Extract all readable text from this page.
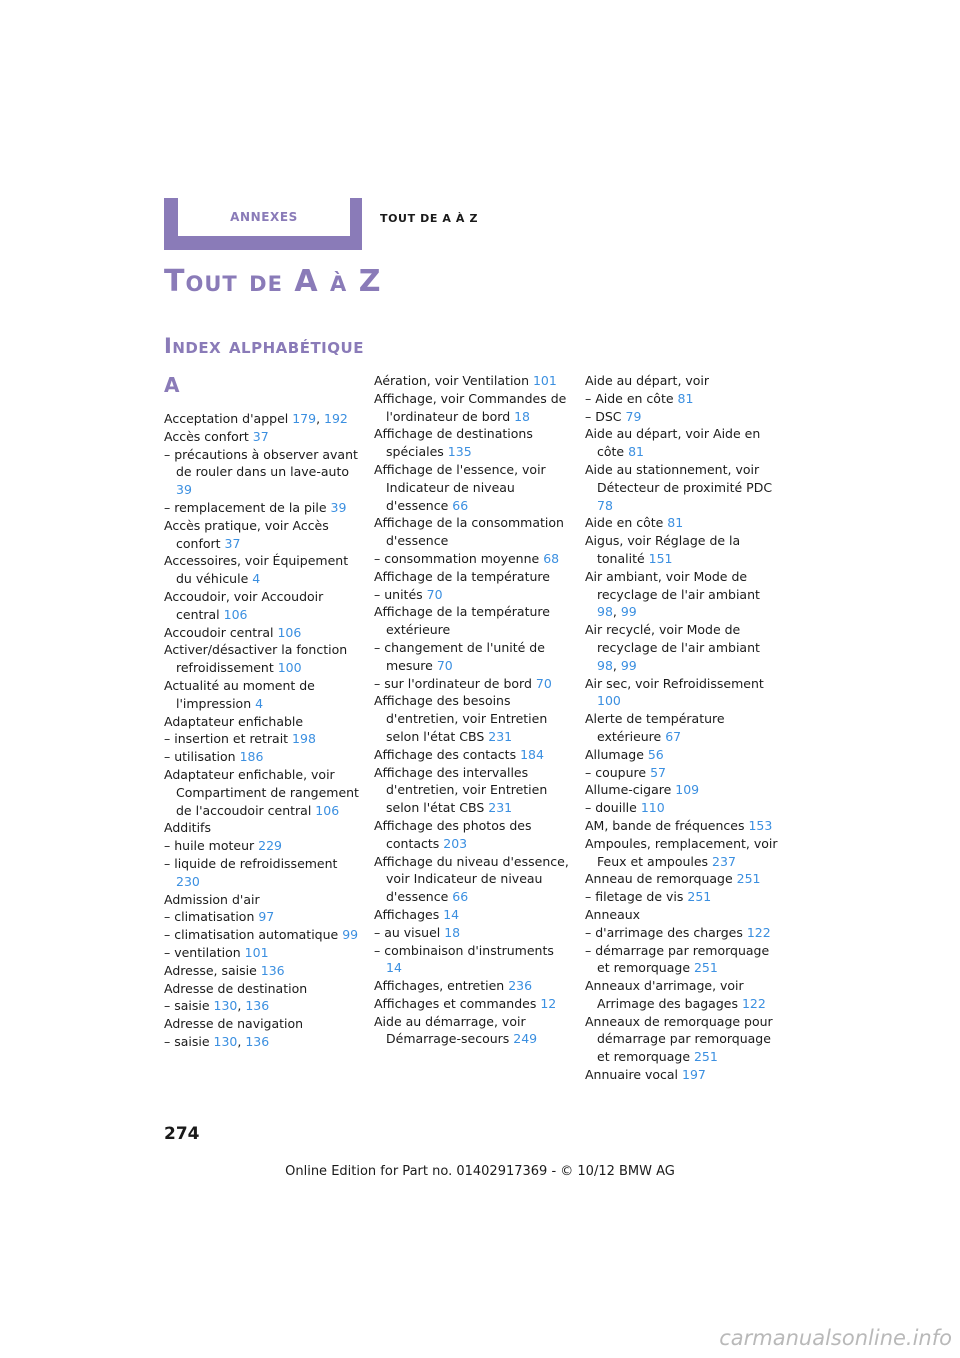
ANNEXES	TOUT DE A À Z
Tout de A à Z
Index alphabétique
A
Acceptation d'appel 179, 192
Accès confort 37
– précautions à observer avant de rouler dans un lave-auto 39
– remplacement de la pile 39
Accès pratique, voir Accès confort 37
Accessoires, voir Équipement du véhicule 4
Accoudoir, voir Accoudoir central 106
Accoudoir central 106
Activer/désactiver la fonction refroidissement 100
Actualité au moment de l'impression 4
Adaptateur enfichable
– insertion et retrait 198
– utilisation 186
Adaptateur enfichable, voir Compartiment de rangement de l'accoudoir central 106
Additifs
– huile moteur 229
– liquide de refroidissement 230
Admission d'air
– climatisation 97
– climatisation automatique 99
– ventilation 101
Adresse, saisie 136
Adresse de destination
– saisie 130, 136
Adresse de navigation
– saisie 130, 136
Aération, voir Ventilation 101
Affichage, voir Commandes de l'ordinateur de bord 18
Affichage de destinations spéciales 135
Affichage de l'essence, voir Indicateur de niveau d'essence 66
Affichage de la consommation d'essence
– consommation moyenne 68
Affichage de la température
– unités 70
Affichage de la température extérieure
– changement de l'unité de mesure 70
– sur l'ordinateur de bord 70
Affichage des besoins d'entretien, voir Entretien selon l'état CBS 231
Affichage des contacts 184
Affichage des intervalles d'entretien, voir Entretien selon l'état CBS 231
Affichage des photos des contacts 203
Affichage du niveau d'essence, voir Indicateur de niveau d'essence 66
Affichages 14
– au visuel 18
– combinaison d'instruments 14
Affichages, entretien 236
Affichages et commandes 12
Aide au démarrage, voir Démarrage-secours 249
Aide au départ, voir
– Aide en côte 81
– DSC 79
Aide au départ, voir Aide en côte 81
Aide au stationnement, voir Détecteur de proximité PDC 78
Aide en côte 81
Aigus, voir Réglage de la tonalité 151
Air ambiant, voir Mode de recyclage de l'air ambiant 98, 99
Air recyclé, voir Mode de recyclage de l'air ambiant 98, 99
Air sec, voir Refroidissement 100
Alerte de température extérieure 67
Allumage 56
– coupure 57
Allume-cigare 109
– douille 110
AM, bande de fréquences 153
Ampoules, remplacement, voir Feux et ampoules 237
Anneau de remorquage 251
– filetage de vis 251
Anneaux
– d'arrimage des charges 122
– démarrage par remorquage et remorquage 251
Anneaux d'arrimage, voir Arrimage des bagages 122
Anneaux de remorquage pour démarrage par remorquage et remorquage 251
Annuaire vocal 197
274
Online Edition for Part no. 01402917369 - © 10/12 BMW AG
carmanualsonline.info
